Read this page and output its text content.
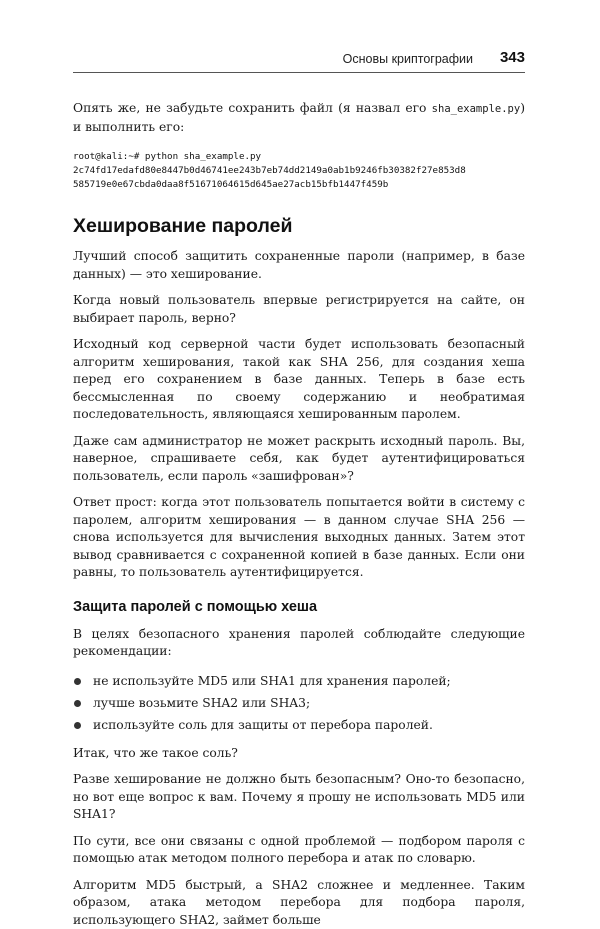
Основы криптографии 343

Опять же, не забудьте сохранить файл (я назвал его sha_example.py) и выполнить его:

root@kali:~# python sha_example.py
2c74fd17edafd80e8447b0d46741ee243b7eb74dd2149a0ab1b9246fb30382f27e853d8
585719e0e67cbda0daa8f51671064615d645ae27acb15bfb1447f459b
Хеширование паролей

Лучший способ защитить сохраненные пароли (например, в базе данных) — это хеширование.

Когда новый пользователь впервые регистрируется на сайте, он выбирает пароль, верно?

Исходный код серверной части будет использовать безопасный алгоритм хеширования, такой как SHA 256, для создания хеша перед его сохранением в базе данных. Теперь в базе есть бессмысленная по своему содержанию и необратимая последовательность, являющаяся хешированным паролем.

Даже сам администратор не может раскрыть исходный пароль. Вы, наверное, спрашиваете себя, как будет аутентифицироваться пользователь, если пароль «зашифрован»?

Ответ прост: когда этот пользователь попытается войти в систему с паролем, алгоритм хеширования — в данном случае SHA 256 — снова используется для вычисления выходных данных. Затем этот вывод сравнивается с сохраненной копией в базе данных. Если они равны, то пользователь аутентифицируется.

Защита паролей с помощью хеша

В целях безопасного хранения паролей соблюдайте следующие рекомендации:

не используйте MD5 или SHA1 для хранения паролей;
лучше возьмите SHA2 или SHA3;
используйте соль для защиты от перебора паролей.

Итак, что же такое соль?

Разве хеширование не должно быть безопасным? Оно-то безопасно, но вот еще вопрос к вам. Почему я прошу не использовать MD5 или SHA1?

По сути, все они связаны с одной проблемой — подбором пароля с помощью атак методом полного перебора и атак по словарю.

Алгоритм MD5 быстрый, а SHA2 сложнее и медленнее. Таким образом, атака методом перебора для подбора пароля, использующего SHA2, займет больше
